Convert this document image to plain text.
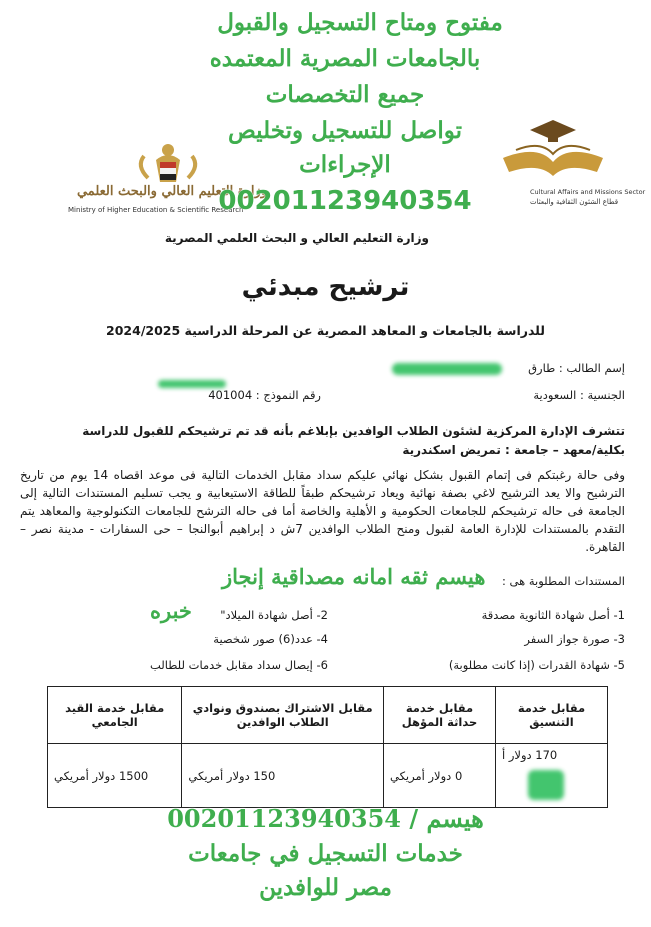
وزارة التعليم العالي والبحث العلمي
Ministry of Higher Education & Scientific Research
Cultural Affairs and Missions Sector
قطاع الشئون الثقافية والبعثات
مفتوح ومتاح التسجيل والقبول
بالجامعات المصرية المعتمده
جميع التخصصات
تواصل للتسجيل وتخليص
الإجراءات
00201123940354
وزارة التعليم العالي و البحث العلمي المصرية
ترشيح مبدئي
للدراسة بالجامعات و المعاهد المصرية عن المرحلة الدراسية 2024/2025
إسم الطالب : طارق
الجنسية : السعودية
رقم النموذج : 401004
تتشرف الإدارة المركزية لشئون الطلاب الوافدين بإبلاغم بأنه قد تم ترشيحكم للقبول للدراسة
بكلية/معهد – جامعة : تمريض اسكندرية
وفى حالة رغبتكم فى إتمام القبول بشكل نهائي عليكم سداد مقابل الخدمات التالية فى موعد اقصاه 14 يوم من تاريخ الترشيح والا يعد الترشيح لاغي بصفة نهائية ويعاد ترشيحكم طبقاً للطاقة الاستيعابية و يجب تسليم المستندات التالية إلى الجامعة فى حاله ترشيحكم للجامعات الحكومية و الأهلية والخاصة أما فى حاله الترشح للجامعات التكنولوجية والمعاهد يتم التقدم بالمستندات للإدارة العامة لقبول ومنح الطلاب الوافدين 7ش د إبراهيم أبوالنجا – حى السفارات - مدينة نصر – القاهرة.
المستندات المطلوبة هى :
هيسم ثقه امانه مصداقية إنجاز
خبره	1- أصل شهادة الثانوية مصدقة
2- أصل شهادة الميلاد"
3- صورة جواز السفر
4- عدد(6) صور شخصية
5- شهادة القدرات (إذا كانت مطلوبة)
6- إيصال سداد مقابل خدمات للطالب
مقابل خدمة التنسيق	مقابل خدمة حداثة المؤهل	مقابل الاشتراك بصندوق ونوادي الطلاب الوافدين	مقابل خدمة القيد الجامعي
170 دولار أ	0 دولار أمريكي	150 دولار أمريكي	1500 دولار أمريكي
هيسم / 00201123940354
خدمات التسجيل في جامعات
مصر للوافدين
